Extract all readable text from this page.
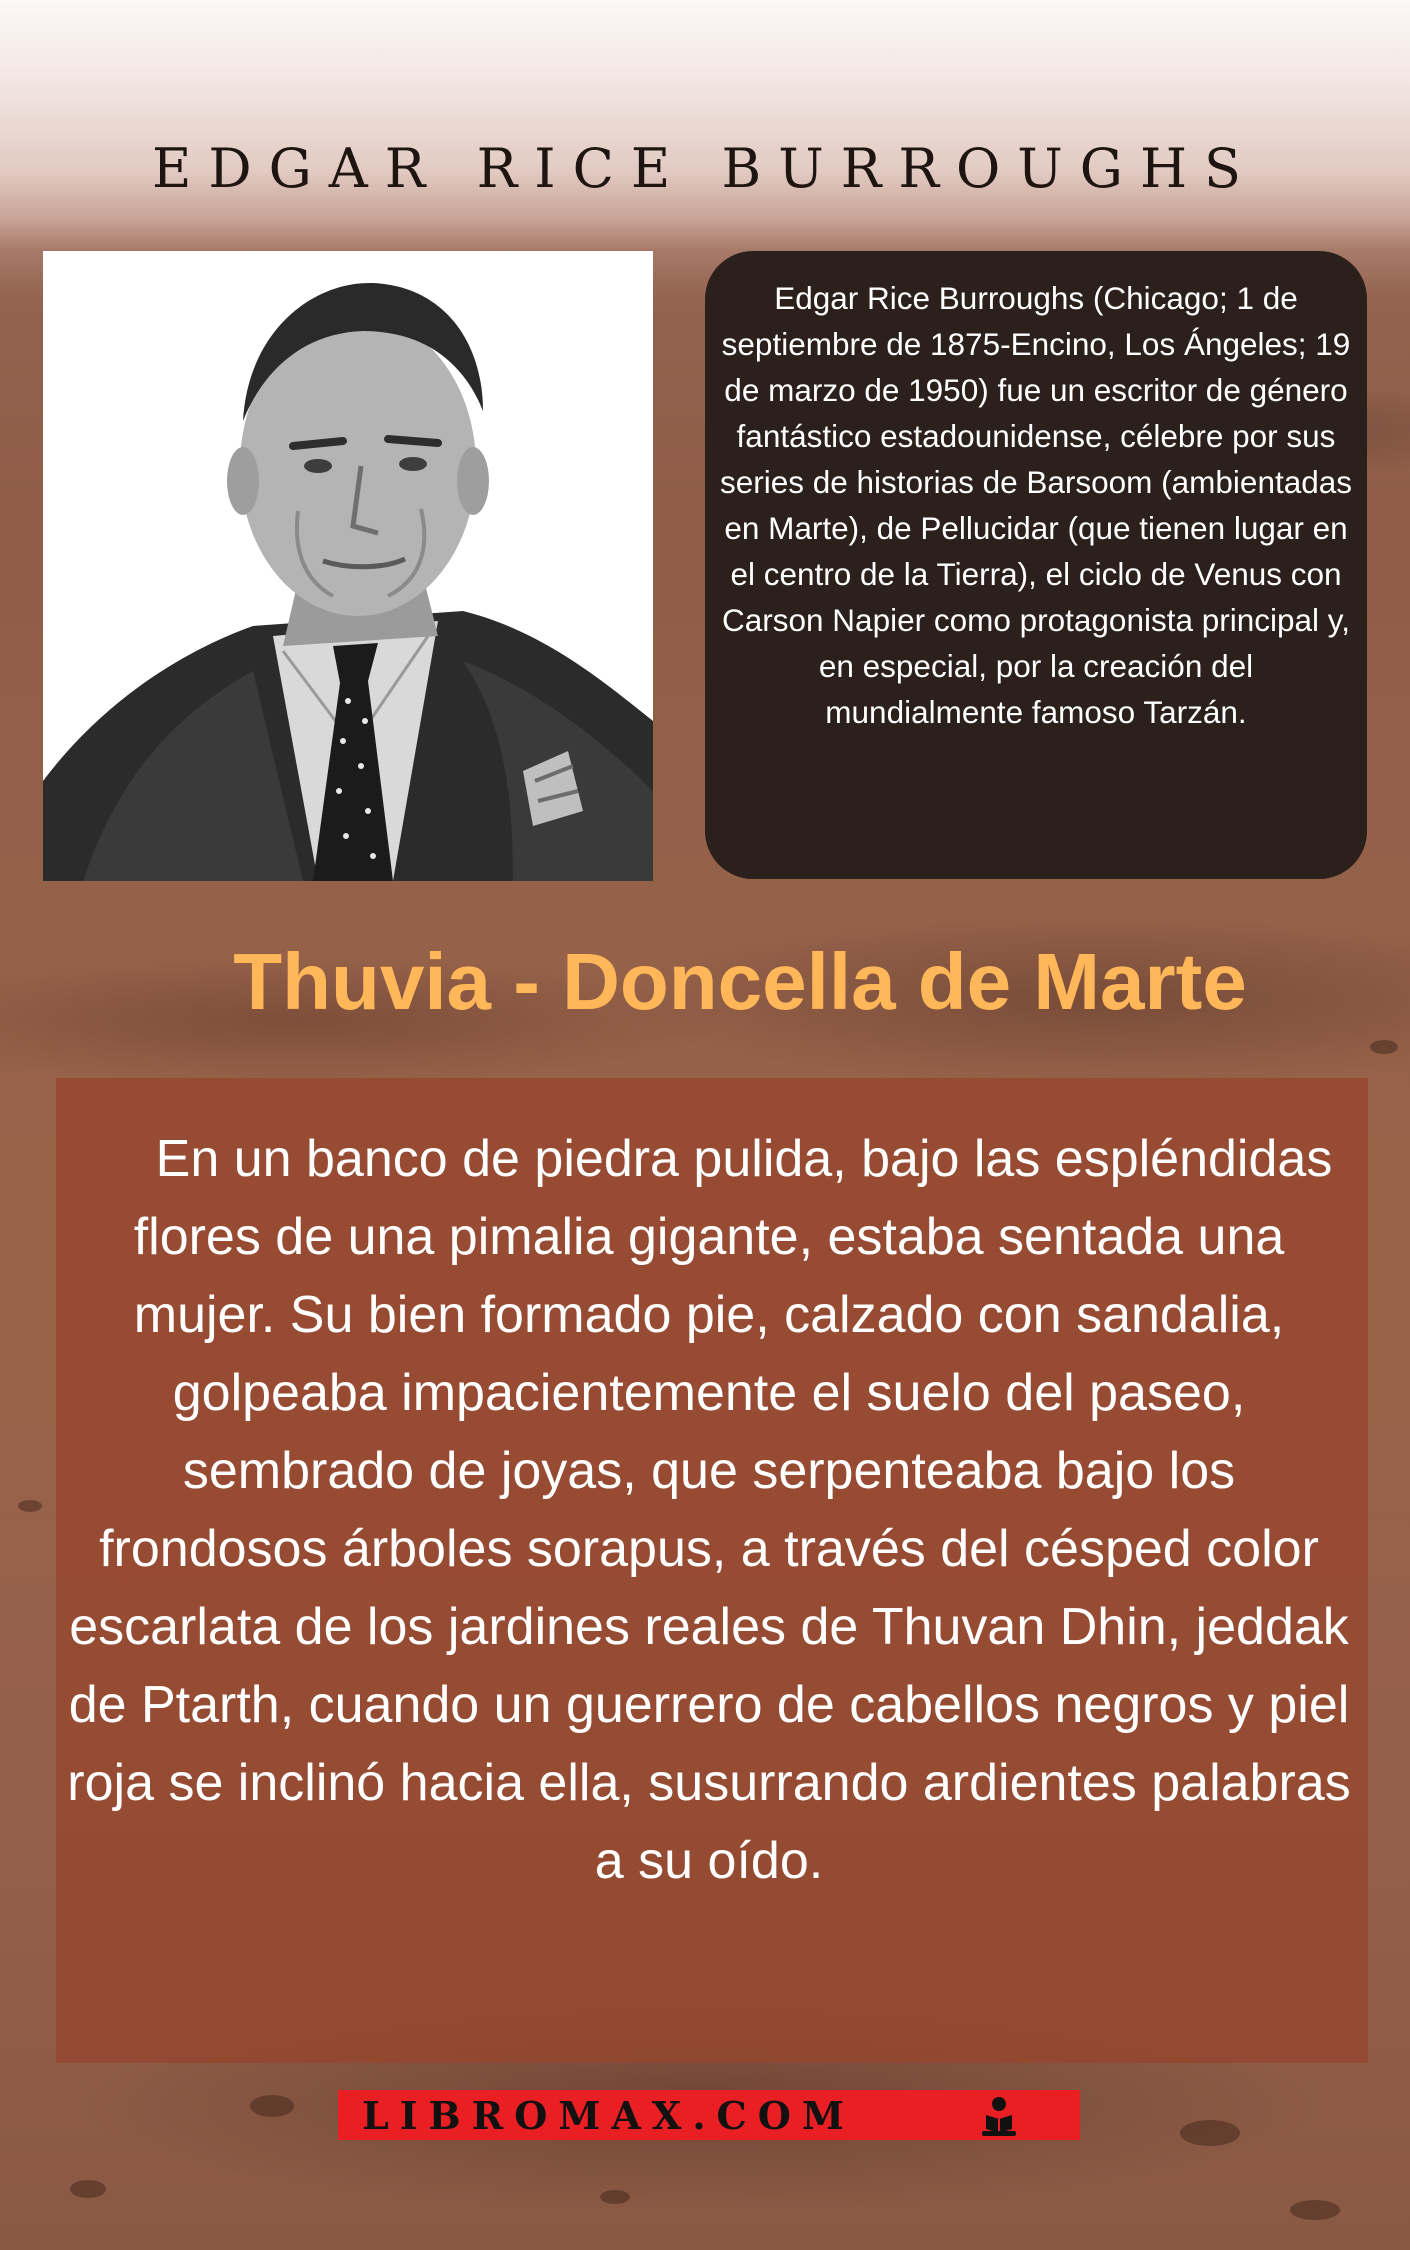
EDGAR RICE BURROUGHS

Edgar Rice Burroughs (Chicago; 1 de septiembre de 1875-Encino, Los Ángeles; 19 de marzo de 1950) fue un escritor de género fantástico estadounidense, célebre por sus series de historias de Barsoom (ambientadas en Marte), de Pellucidar (que tienen lugar en el centro de la Tierra), el ciclo de Venus con Carson Napier como protagonista principal y, en especial, por la creación del mundialmente famoso Tarzán.

Thuvia - Doncella de Marte

En un banco de piedra pulida, bajo las espléndidas flores de una pimalia gigante, estaba sentada una mujer. Su bien formado pie, calzado con sandalia, golpeaba impacientemente el suelo del paseo, sembrado de joyas, que serpenteaba bajo los frondosos árboles sorapus, a través del césped color escarlata de los jardines reales de Thuvan Dhin, jeddak de Ptarth, cuando un guerrero de cabellos negros y piel roja se inclinó hacia ella, susurrando ardientes palabras a su oído.

LIBROMAX.COM
